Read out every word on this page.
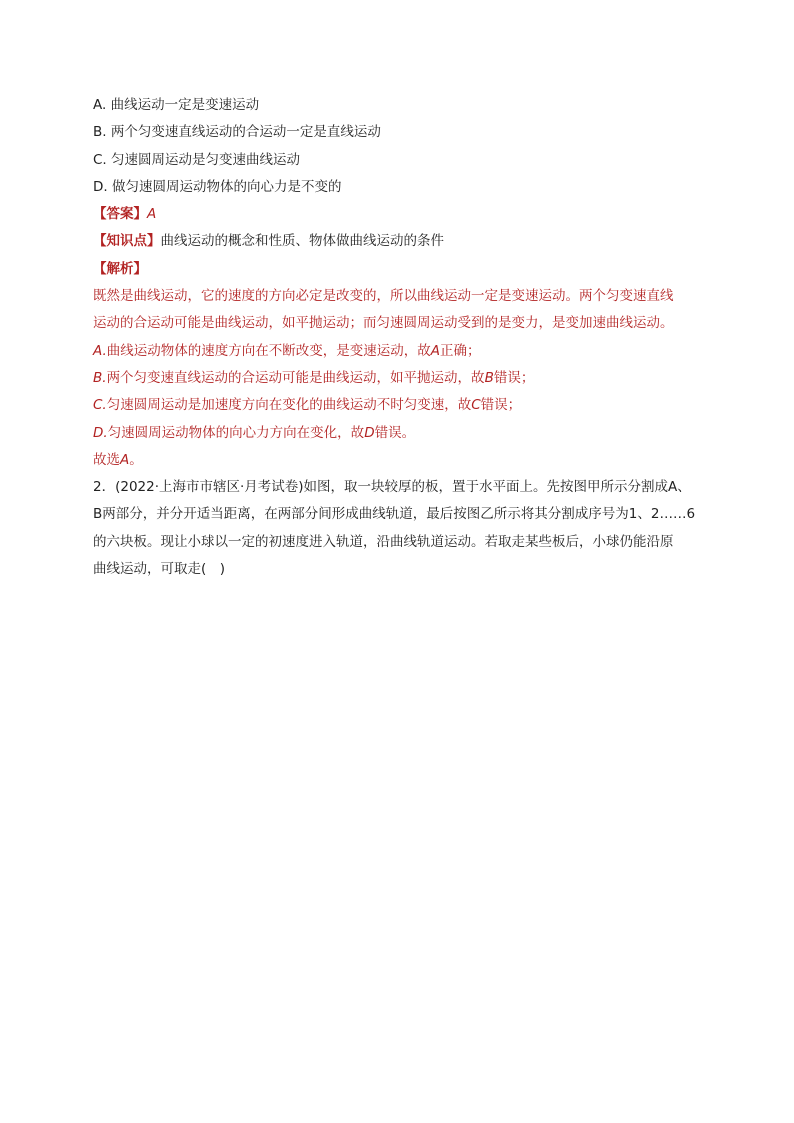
A. 曲线运动一定是变速运动
B. 两个匀变速直线运动的合运动一定是直线运动
C. 匀速圆周运动是匀变速曲线运动
D. 做匀速圆周运动物体的向心力是不变的
【答案】A
【知识点】曲线运动的概念和性质、物体做曲线运动的条件
【解析】
既然是曲线运动，它的速度的方向必定是改变的，所以曲线运动一定是变速运动。两个匀变速直线
运动的合运动可能是曲线运动，如平抛运动；而匀速圆周运动受到的是变力，是变加速曲线运动。
A.曲线运动物体的速度方向在不断改变，是变速运动，故A正确；
B.两个匀变速直线运动的合运动可能是曲线运动，如平抛运动，故B错误；
C.匀速圆周运动是加速度方向在变化的曲线运动不时匀变速，故C错误；
D.匀速圆周运动物体的向心力方向在变化，故D错误。
故选A。
2．(2022·上海市市辖区·月考试卷)如图，取一块较厚的板，置于水平面上。先按图甲所示分割成A、
B两部分，并分开适当距离，在两部分间形成曲线轨道，最后按图乙所示将其分割成序号为1、2……6
的六块板。现让小球以一定的初速度进入轨道，沿曲线轨道运动。若取走某些板后，小球仍能沿原
曲线运动，可取走(　)
